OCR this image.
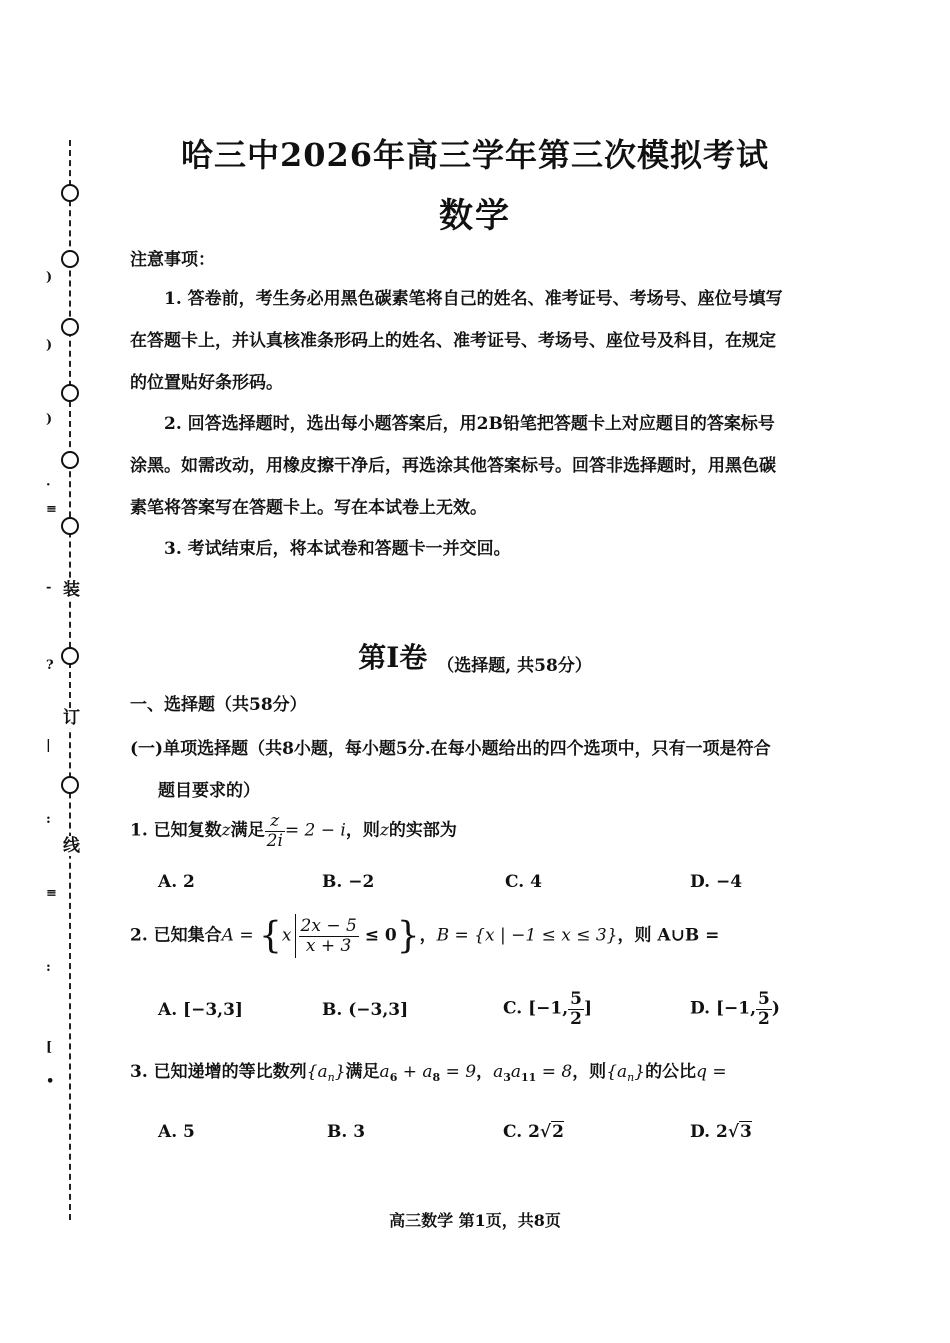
装
订
线
)
)
)
·
≡
-
?
|
:
≡
:
[
•
哈三中2026年高三学年第三次模拟考试
数学
注意事项：
1. 答卷前，考生务必用黑色碳素笔将自己的姓名、准考证号、考场号、座位号填写
在答题卡上，并认真核准条形码上的姓名、准考证号、考场号、座位号及科目，在规定
的位置贴好条形码。
2. 回答选择题时，选出每小题答案后，用2B铅笔把答题卡上对应题目的答案标号
涂黑。如需改动，用橡皮擦干净后，再选涂其他答案标号。回答非选择题时，用黑色碳
素笔将答案写在答题卡上。写在本试卷上无效。
3. 考试结束后，将本试卷和答题卡一并交回。
第I卷 （选择题, 共58分）
一、选择题（共58分）
(一)单项选择题（共8小题，每小题5分.在每小题给出的四个选项中，只有一项是符合
题目要求的）
1. 已知复数z满足 $\frac{z}{2i} = 2 - i$，则z的实部为
A. 2	B. −2	C. 4	D. −4
2. 已知集合$A = \{x \frac{2x - 5}{x + 3} \le 0\}$，B = {x | −1 ≤ x ≤ 3}，则 A∪B =
A. [−3,3]	B. (−3,3]	C. [−1, $\frac{5}{2}$ ]	D. [−1, $\frac{5}{2}$ )
3. 已知递增的等比数列$\{a_n\}$满足$a_6 + a_8 = 9$，$a_3a_{11} = 8$，则$\{a_n\}$的公比q =
A. 5	B. 3	C. 2√2	D. 2√3
高三数学 第1页，共8页
